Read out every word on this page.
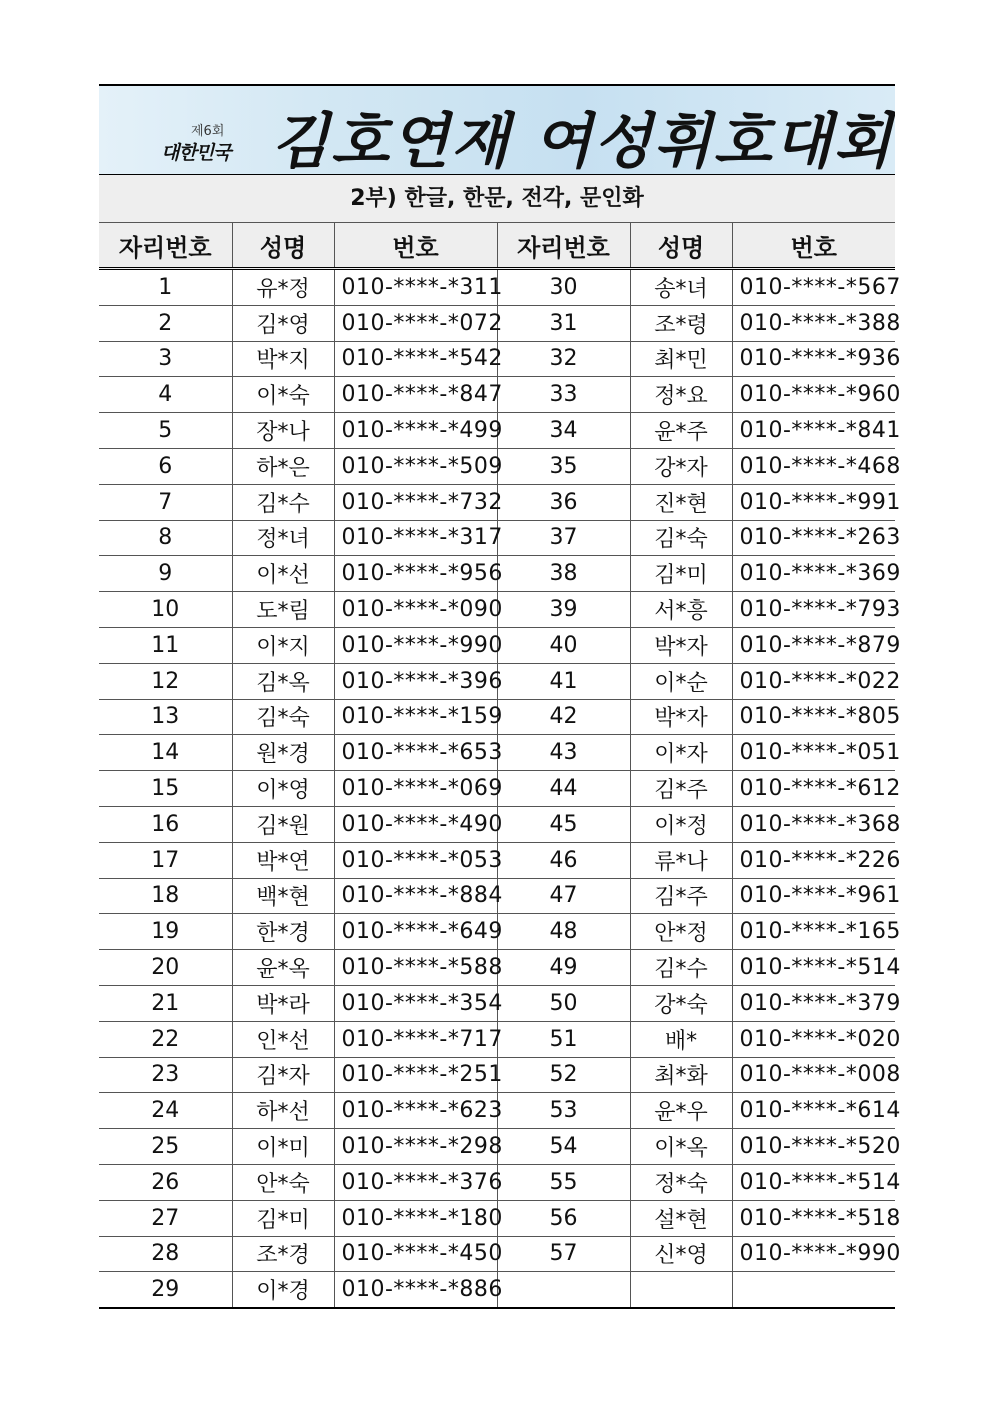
제6회
대한민국 김호연재 여성휘호대회
2부) 한글, 한문, 전각, 문인화
자리번호	성명	번호	자리번호	성명	번호
1	유*정	010-****-*311	30	송*녀	010-****-*567
2	김*영	010-****-*072	31	조*령	010-****-*388
3	박*지	010-****-*542	32	최*민	010-****-*936
4	이*숙	010-****-*847	33	정*요	010-****-*960
5	장*나	010-****-*499	34	윤*주	010-****-*841
6	하*은	010-****-*509	35	강*자	010-****-*468
7	김*수	010-****-*732	36	진*현	010-****-*991
8	정*녀	010-****-*317	37	김*숙	010-****-*263
9	이*선	010-****-*956	38	김*미	010-****-*369
10	도*림	010-****-*090	39	서*흥	010-****-*793
11	이*지	010-****-*990	40	박*자	010-****-*879
12	김*옥	010-****-*396	41	이*순	010-****-*022
13	김*숙	010-****-*159	42	박*자	010-****-*805
14	원*경	010-****-*653	43	이*자	010-****-*051
15	이*영	010-****-*069	44	김*주	010-****-*612
16	김*원	010-****-*490	45	이*정	010-****-*368
17	박*연	010-****-*053	46	류*나	010-****-*226
18	백*현	010-****-*884	47	김*주	010-****-*961
19	한*경	010-****-*649	48	안*정	010-****-*165
20	윤*옥	010-****-*588	49	김*수	010-****-*514
21	박*라	010-****-*354	50	강*숙	010-****-*379
22	인*선	010-****-*717	51	배*	010-****-*020
23	김*자	010-****-*251	52	최*화	010-****-*008
24	하*선	010-****-*623	53	윤*우	010-****-*614
25	이*미	010-****-*298	54	이*옥	010-****-*520
26	안*숙	010-****-*376	55	정*숙	010-****-*514
27	김*미	010-****-*180	56	설*현	010-****-*518
28	조*경	010-****-*450	57	신*영	010-****-*990
29	이*경	010-****-*886			
